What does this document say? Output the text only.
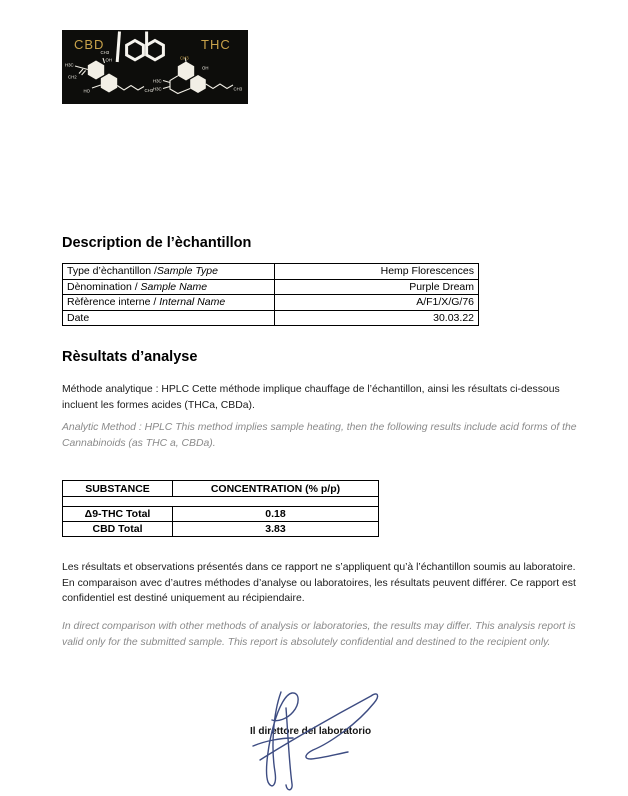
CBD	THC
CH3
OH
H3C
CH2
HO	CH3
CH3
OH
H3C
H3C	CH3
Description de l’èchantillon
Type d’èchantillon /Sample Type	Hemp Florescences
Dènomination / Sample Name	Purple Dream
Rèfèrence interne / Internal Name	A/F1/X/G/76
Date	30.03.22
Rèsultats d’analyse
Méthode analytique : HPLC Cette méthode implique chauffage de l’échantillon, ainsi les résultats ci-dessous
incluent les formes acides (THCa, CBDa).
Analytic Method : HPLC This method implies sample heating, then the following results include acid forms of the
Cannabinoids (as THC a, CBDa).
SUBSTANCE	CONCENTRATION (% p/p)

Δ9-THC Total	0.18
CBD Total	3.83
Les résultats et observations présentés dans ce rapport ne s’appliquent qu’à l’échantillon soumis au laboratoire.
En comparaison avec d’autres méthodes d’analyse ou laboratoires, les résultats peuvent différer. Ce rapport est
confidentiel est destiné uniquement au récipiendaire.
In direct comparison with other methods of analysis or laboratories, the results may differ. This analysis report is
valid only for the submitted sample. This report is absolutely confidential and destined to the recipient only.
Il direttore del laboratorio
